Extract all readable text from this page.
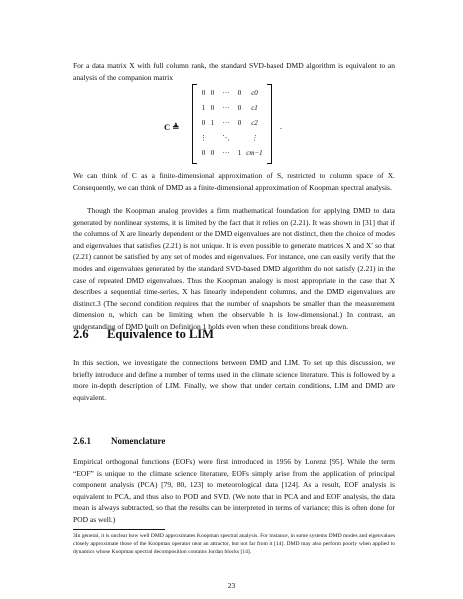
For a data matrix X with full column rank, the standard SVD-based DMD algorithm is equivalent to an analysis of the companion matrix

C ≜
0 0	···	0	c0
1 0	···	0	c1
0 1	···	0	c2
⋮	⋱	⋮
0 0	···	1 cm−1
.

We can think of C as a finite-dimensional approximation of S, restricted to column space of X. Consequently, we can think of DMD as a finite-dimensional approximation of Koopman spectral analysis.

Though the Koopman analog provides a firm mathematical foundation for applying DMD to data generated by nonlinear systems, it is limited by the fact that it relies on (2.21). It was shown in [31] that if the columns of X are linearly dependent or the DMD eigenvalues are not distinct, then the choice of modes and eigenvalues that satisfies (2.21) is not unique. It is even possible to generate matrices X and X′ so that (2.21) cannot be satisfied by any set of modes and eigenvalues. For instance, one can easily verify that the modes and eigenvalues generated by the standard SVD-based DMD algorithm do not satisfy (2.21) in the case of repeated DMD eigenvalues. Thus the Koopman analogy is most appropriate in the case that X describes a sequential time-series, X has linearly independent columns, and the DMD eigenvalues are distinct.3 (The second condition requires that the number of snapshots be smaller than the measurement dimension n, which can be limiting when the observable h is low-dimensional.) In contrast, an understanding of DMD built on Definition 1 holds even when these conditions break down.

2.6 Equivalence to LIM

In this section, we investigate the connections between DMD and LIM. To set up this discussion, we briefly introduce and define a number of terms used in the climate science literature. This is followed by a more in-depth description of LIM. Finally, we show that under certain conditions, LIM and DMD are equivalent.

2.6.1 Nomenclature

Empirical orthogonal functions (EOFs) were first introduced in 1956 by Lorenz [95]. While the term “EOF” is unique to the climate science literature, EOFs simply arise from the application of principal component analysis (PCA) [79, 80, 123] to meteorological data [124]. As a result, EOF analysis is equivalent to PCA, and thus also to POD and SVD. (We note that in PCA and and EOF analysis, the data mean is always subtracted, so that the results can be interpreted in terms of variance; this is often done for POD as well.)

3In general, it is unclear how well DMD approximates Koopman spectral analysis. For instance, in some systems DMD modes and eigenvalues closely approximate those of the Koopman operator near an attractor, but not far from it [14]. DMD may also perform poorly when applied to dynamics whose Koopman spectral decomposition contains Jordan blocks [14].

23
